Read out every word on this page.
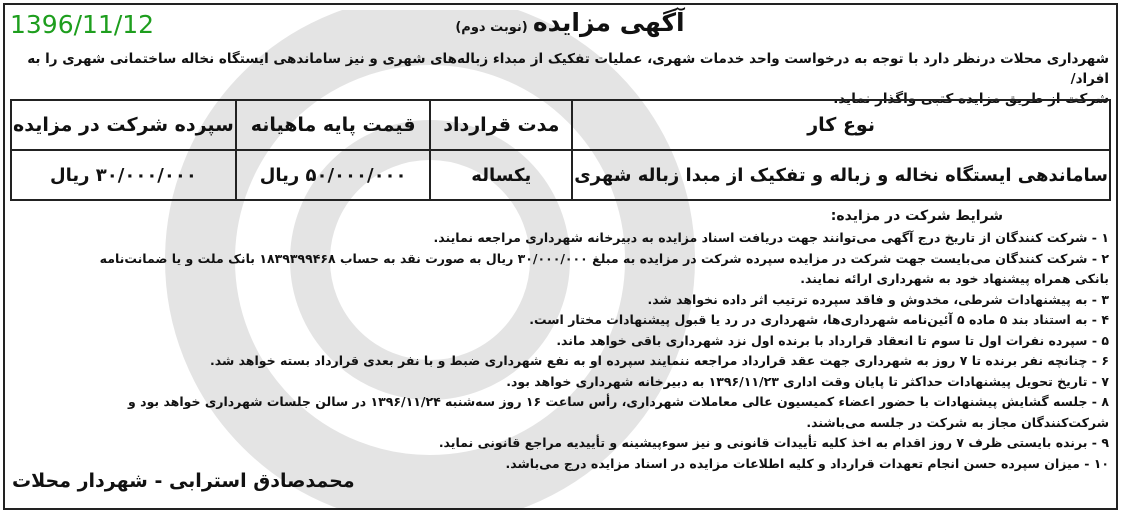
1396/11/12	آگهی مزایده (نوبت دوم)
شهرداری محلات درنظر دارد با توجه به درخواست واحد خدمات شهری، عملیات تفکیک از مبداء زباله‌های شهری و نیز ساماندهی ایستگاه نخاله ساختمانی شهری را به افراد/
شرکت از طریق مزایده کتبی واگذار نماید.
نوع کار	مدت قرارداد	قیمت پایه ماهیانه	سپرده شرکت در مزایده
ساماندهی ایستگاه نخاله و زباله و تفکیک از مبدا زباله شهری	یکساله	۵۰/۰۰۰/۰۰۰ ریال	۳۰/۰۰۰/۰۰۰ ریال
شرایط شرکت در مزایده:
۱ - شرکت کنندگان از تاریخ درج آگهی می‌توانند جهت دریافت اسناد مزایده به دبیرخانه شهرداری مراجعه نمایند.
۲ - شرکت کنندگان می‌بایست جهت شرکت در مزایده سپرده شرکت در مزایده به مبلغ ۳۰/۰۰۰/۰۰۰ ریال به صورت نقد به حساب ۱۸۳۹۳۹۹۴۶۸ بانک ملت و یا ضمانت‌نامه
بانکی همراه پیشنهاد خود به شهرداری ارائه نمایند.
۳ - به پیشنهادات شرطی، مخدوش و فاقد سپرده ترتیب اثر داده نخواهد شد.
۴ - به استناد بند ۵ ماده ۵ آئین‌نامه شهرداری‌ها، شهرداری در رد یا قبول پیشنهادات مختار است.
۵ - سپرده نفرات اول تا سوم تا انعقاد قرارداد با برنده اول نزد شهرداری باقی خواهد ماند.
۶ - چنانچه نفر برنده تا ۷ روز به شهرداری جهت عقد قرارداد مراجعه ننمایند سپرده او به نفع شهرداری ضبط و با نفر بعدی قرارداد بسته خواهد شد.
۷ - تاریخ تحویل پیشنهادات حداکثر تا پایان وقت اداری ۱۳۹۶/۱۱/۲۳ به دبیرخانه شهرداری خواهد بود.
۸ - جلسه گشایش پیشنهادات با حضور اعضاء کمیسیون عالی معاملات شهرداری، رأس ساعت ۱۶ روز سه‌شنبه ۱۳۹۶/۱۱/۲۴ در سالن جلسات شهرداری خواهد بود و
شرکت‌کنندگان مجاز به شرکت در جلسه می‌باشند.
۹ - برنده بایستی ظرف ۷ روز اقدام به اخذ کلیه تأییدات قانونی و نیز سوءپیشینه و تأییدیه مراجع قانونی نماید.
۱۰ - میزان سپرده حسن انجام تعهدات قرارداد و کلیه اطلاعات مزایده در اسناد مزایده درج می‌باشد.
محمدصادق استرابی - شهردار محلات
